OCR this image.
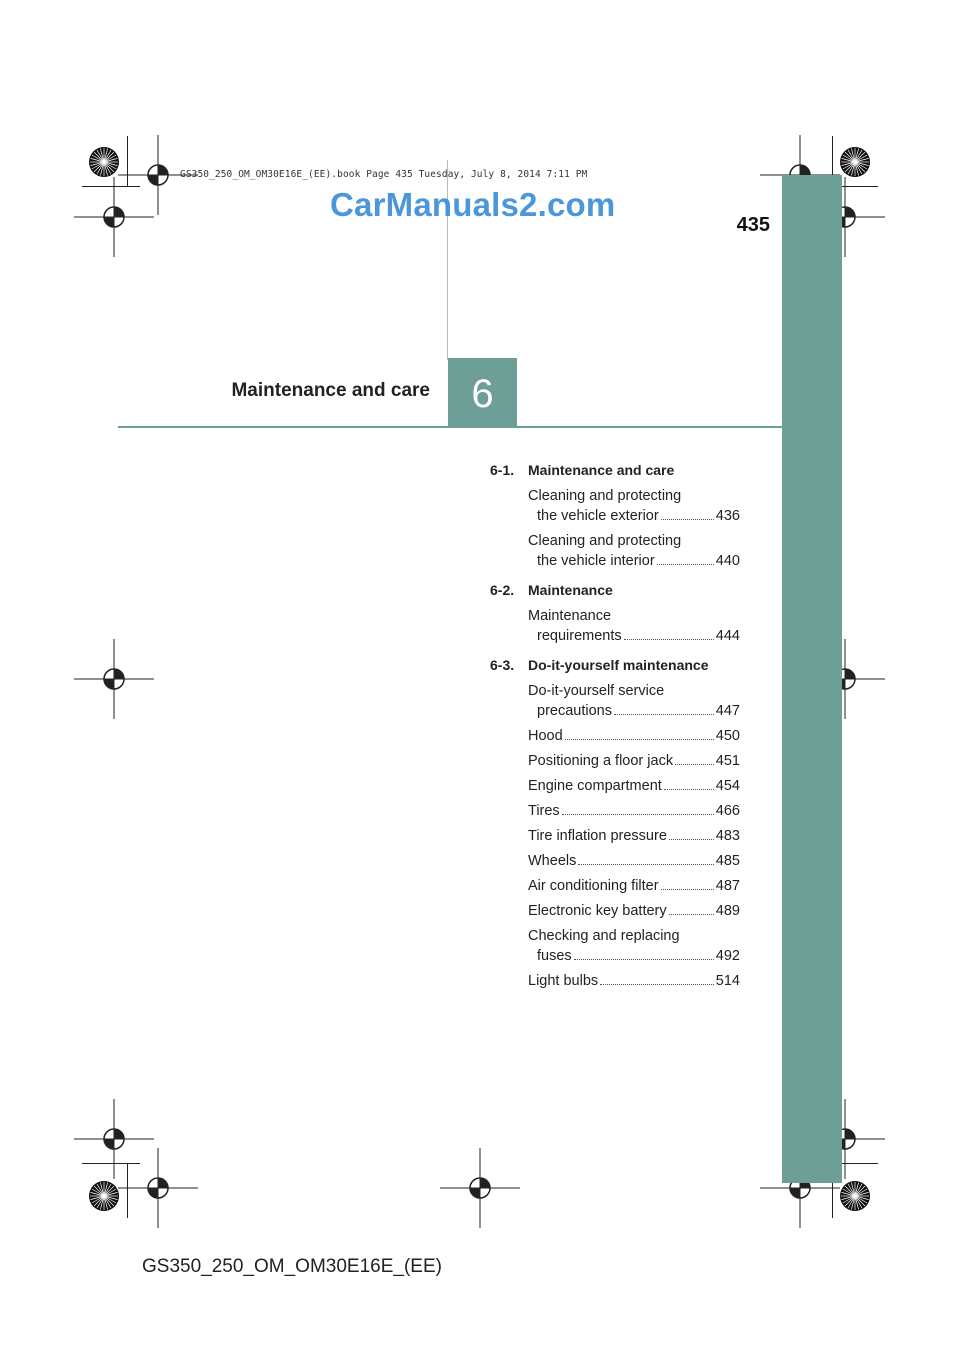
GS350_250_OM_OM30E16E_(EE).book Page 435 Tuesday, July 8, 2014 7:11 PM
CarManuals2.com
435
Maintenance and care	6
6-1. Maintenance and care
Cleaning and protecting
the vehicle exterior	436
Cleaning and protecting
the vehicle interior	440
6-2. Maintenance
Maintenance
requirements	444
6-3. Do-it-yourself maintenance
Do-it-yourself service
precautions	447
Hood	450
Positioning a floor jack	451
Engine compartment	454
Tires	466
Tire inflation pressure	483
Wheels	485
Air conditioning filter	487
Electronic key battery	489
Checking and replacing
fuses	492
Light bulbs	514
GS350_250_OM_OM30E16E_(EE)
